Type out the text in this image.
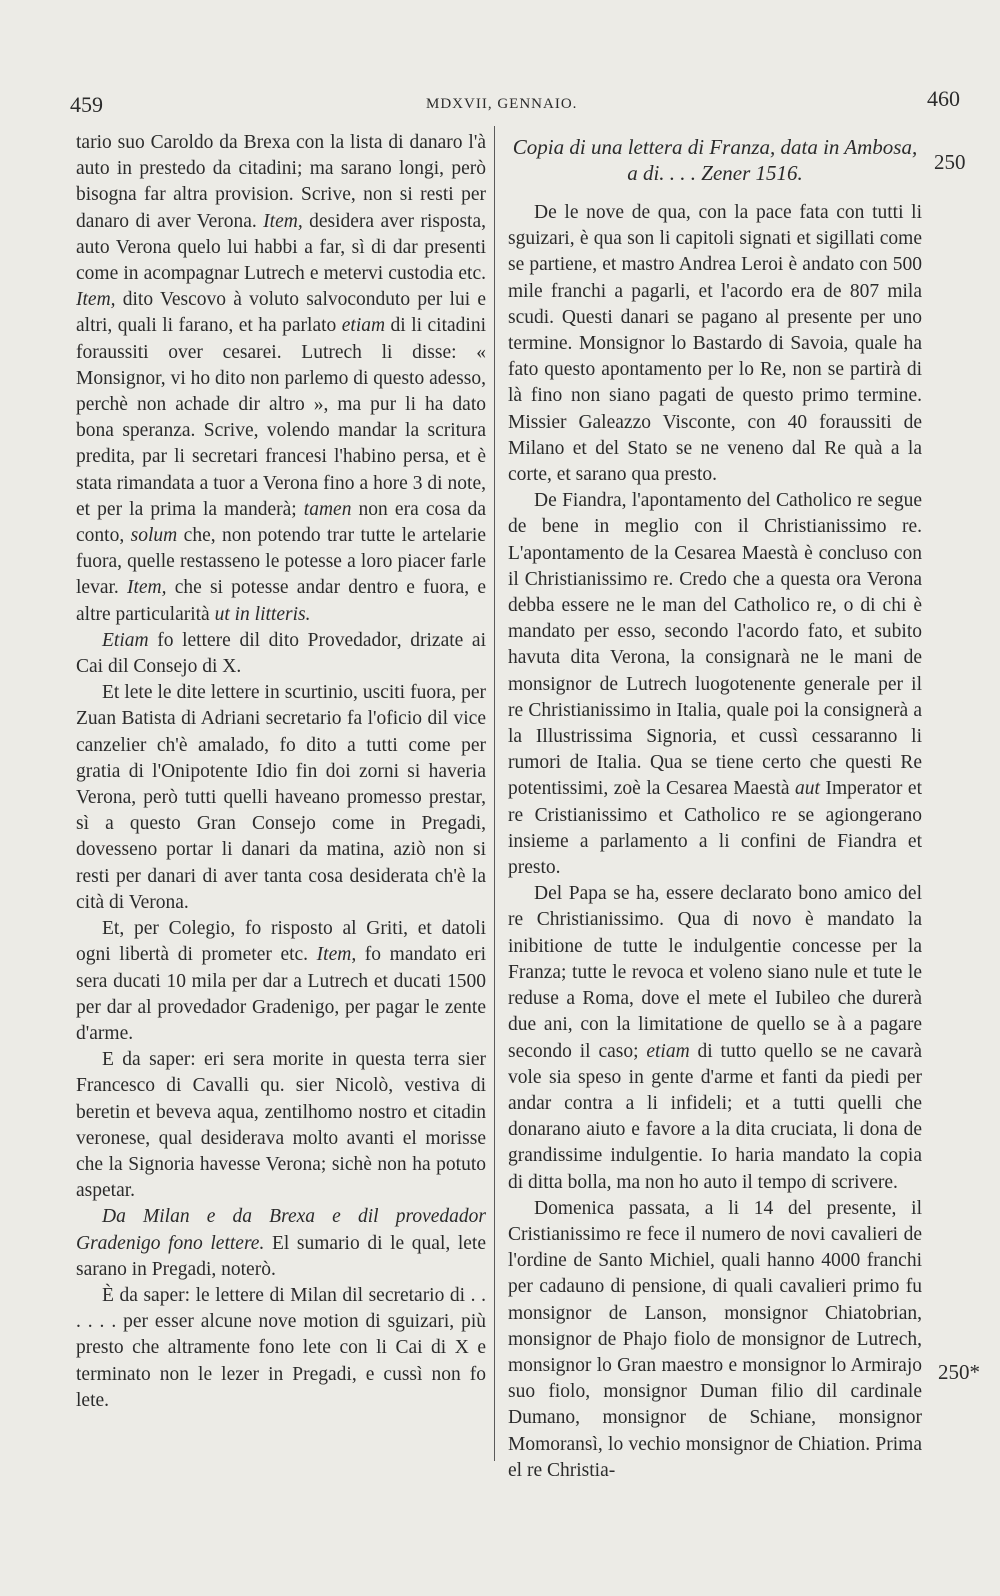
459	MDXVII, GENNAIO.	460
250
250*

tario suo Caroldo da Brexa con la lista di danaro l'à auto in prestedo da citadini; ma sarano longi, però bisogna far altra provision. Scrive, non si resti per danaro di aver Verona. Item, desidera aver risposta, auto Verona quelo lui habbi a far, sì di dar presenti come in acompagnar Lutrech e metervi custodia etc. Item, dito Vescovo à voluto salvoconduto per lui e altri, quali li farano, et ha parlato etiam di li citadini foraussiti over cesarei. Lutrech li disse: « Monsignor, vi ho dito non parlemo di questo adesso, perchè non achade dir altro », ma pur li ha dato bona speranza. Scrive, volendo mandar la scritura predita, par li secretari francesi l'habino persa, et è stata rimandata a tuor a Verona fino a hore 3 di note, et per la prima la manderà; tamen non era cosa da conto, solum che, non potendo trar tutte le artelarie fuora, quelle restasseno le potesse a loro piacer farle levar. Item, che si potesse andar dentro e fuora, e altre particularità ut in litteris.

Etiam fo lettere dil dito Provedador, drizate ai Cai dil Consejo di X.

Et lete le dite lettere in scurtinio, usciti fuora, per Zuan Batista di Adriani secretario fa l'oficio dil vice canzelier ch'è amalado, fo dito a tutti come per gratia di l'Onipotente Idio fin doi zorni si haveria Verona, però tutti quelli haveano promesso prestar, sì a questo Gran Consejo come in Pregadi, dovesseno portar li danari da matina, aziò non si resti per danari di aver tanta cosa desiderata ch'è la cità di Verona.

Et, per Colegio, fo risposto al Griti, et datoli ogni libertà di prometer etc. Item, fo mandato eri sera ducati 10 mila per dar a Lutrech et ducati 1500 per dar al provedador Gradenigo, per pagar le zente d'arme.

E da saper: eri sera morite in questa terra sier Francesco di Cavalli qu. sier Nicolò, vestiva di beretin et beveva aqua, zentilhomo nostro et citadin veronese, qual desiderava molto avanti el morisse che la Signoria havesse Verona; sichè non ha potuto aspetar.

Da Milan e da Brexa e dil provedador Gradenigo fono lettere. El sumario di le qual, lete sarano in Pregadi, noterò.

È da saper: le lettere di Milan dil secretario di . . . . . . per esser alcune nove motion di sguizari, più presto che altramente fono lete con li Cai di X e terminato non le lezer in Pregadi, e cussì non fo lete.

Copia di una lettera di Franza, data in Ambosa, a di. . . . Zener 1516.

De le nove de qua, con la pace fata con tutti li sguizari, è qua son li capitoli signati et sigillati come se partiene, et mastro Andrea Leroi è andato con 500 mile franchi a pagarli, et l'acordo era de 807 mila scudi. Questi danari se pagano al presente per uno termine. Monsignor lo Bastardo di Savoia, quale ha fato questo apontamento per lo Re, non se partirà di là fino non siano pagati de questo primo termine. Missier Galeazzo Visconte, con 40 foraussiti de Milano et del Stato se ne veneno dal Re quà a la corte, et sarano qua presto.

De Fiandra, l'apontamento del Catholico re segue de bene in meglio con il Christianissimo re. L'apontamento de la Cesarea Maestà è concluso con il Christianissimo re. Credo che a questa ora Verona debba essere ne le man del Catholico re, o di chi è mandato per esso, secondo l'acordo fato, et subito havuta dita Verona, la consignarà ne le mani de monsignor de Lutrech luogotenente generale per il re Christianissimo in Italia, quale poi la consignerà a la Illustrissima Signoria, et cussì cessaranno li rumori de Italia. Qua se tiene certo che questi Re potentissimi, zoè la Cesarea Maestà aut Imperator et re Cristianissimo et Catholico re se agiongerano insieme a parlamento a li confini de Fiandra et presto.

Del Papa se ha, essere declarato bono amico del re Christianissimo. Qua di novo è mandato la inibitione de tutte le indulgentie concesse per la Franza; tutte le revoca et voleno siano nule et tute le reduse a Roma, dove el mete el Iubileo che durerà due ani, con la limitatione de quello se à a pagare secondo il caso; etiam di tutto quello se ne cavarà vole sia speso in gente d'arme et fanti da piedi per andar contra a li infideli; et a tutti quelli che donarano aiuto e favore a la dita cruciata, li dona de grandissime indulgentie. Io haria mandato la copia di ditta bolla, ma non ho auto il tempo di scrivere.

Domenica passata, a li 14 del presente, il Cristianissimo re fece il numero de novi cavalieri de l'ordine de Santo Michiel, quali hanno 4000 franchi per cadauno di pensione, di quali cavalieri primo fu monsignor de Lanson, monsignor Chiatobrian, monsignor de Phajo fiolo de monsignor de Lutrech, monsignor lo Gran maestro e monsignor lo Armirajo suo fiolo, monsignor Duman filio dil cardinale Dumano, monsignor de Schiane, monsignor Momoransì, lo vechio monsignor de Chiation. Prima el re Christia-
